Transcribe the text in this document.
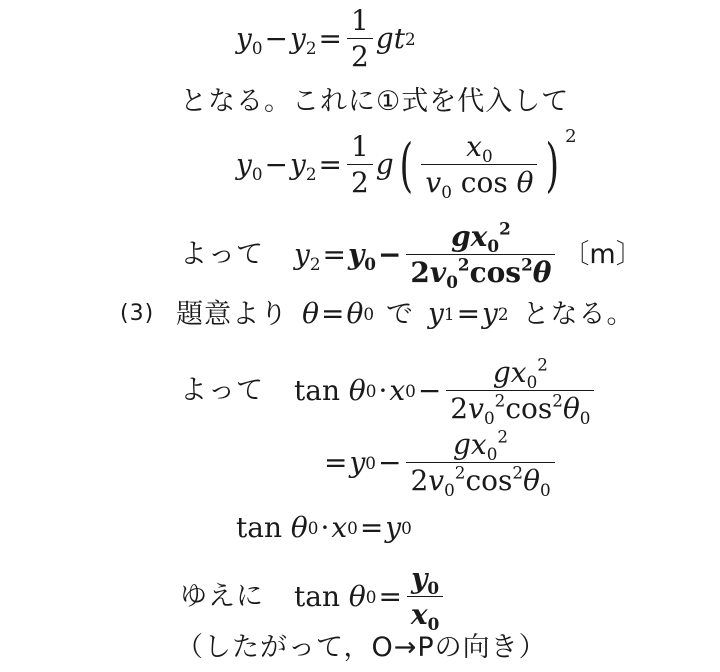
$y_0 - y_2 = \frac{1}{2}$ gt 2
となる。これに①式を代入して
$y_0 - y_2 = \frac{1}{2}$ g ( $\frac{x_0}{v_0 \cos \theta}$ ) 2
よって $y_2 = y_0 - \frac{gx_0^2}{2v_0^2\cos^2\theta}$ 〔m〕
(3) 題意より θ = θ 0 で y 1 = y 2 となる。
よって tan θ 0 · x $0 - \frac{gx_0^2}{2v_0^2\cos^2\theta_0}$
= y $0 - \frac{gx_0^2}{2v_0^2\cos^2\theta_0}$
tan θ 0 · x 0 = y 0
ゆえに tan θ $0 = \frac{y_0}{x_0}$
（したがって，O→Pの向き）
